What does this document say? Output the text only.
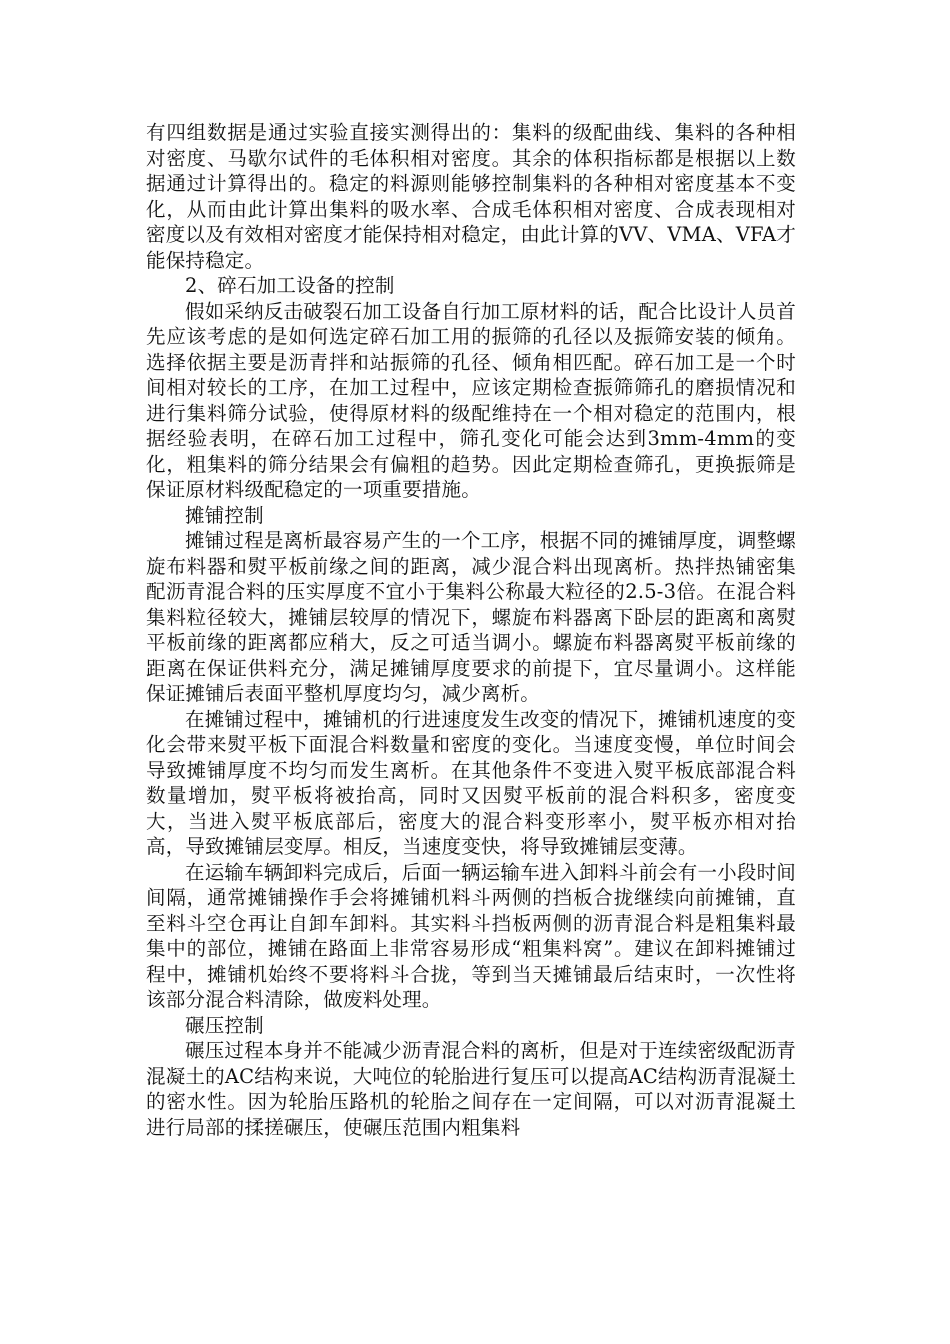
有四组数据是通过实验直接实测得出的：集料的级配曲线、集料的各种相对密度、马歇尔试件的毛体积相对密度。其余的体积指标都是根据以上数据通过计算得出的。稳定的料源则能够控制集料的各种相对密度基本不变化，从而由此计算出集料的吸水率、合成毛体积相对密度、合成表现相对密度以及有效相对密度才能保持相对稳定，由此计算的VV、VMA、VFA才能保持稳定。

2、碎石加工设备的控制

假如采纳反击破裂石加工设备自行加工原材料的话，配合比设计人员首先应该考虑的是如何选定碎石加工用的振筛的孔径以及振筛安装的倾角。选择依据主要是沥青拌和站振筛的孔径、倾角相匹配。碎石加工是一个时间相对较长的工序，在加工过程中，应该定期检查振筛筛孔的磨损情况和进行集料筛分试验，使得原材料的级配维持在一个相对稳定的范围内，根据经验表明，在碎石加工过程中，筛孔变化可能会达到3mm-4mm的变化，粗集料的筛分结果会有偏粗的趋势。因此定期检查筛孔，更换振筛是保证原材料级配稳定的一项重要措施。

摊铺控制

摊铺过程是离析最容易产生的一个工序，根据不同的摊铺厚度，调整螺旋布料器和熨平板前缘之间的距离，减少混合料出现离析。热拌热铺密集配沥青混合料的压实厚度不宜小于集料公称最大粒径的2.5-3倍。在混合料集料粒径较大，摊铺层较厚的情况下，螺旋布料器离下卧层的距离和离熨平板前缘的距离都应稍大，反之可适当调小。螺旋布料器离熨平板前缘的距离在保证供料充分，满足摊铺厚度要求的前提下，宜尽量调小。这样能保证摊铺后表面平整机厚度均匀，减少离析。

在摊铺过程中，摊铺机的行进速度发生改变的情况下，摊铺机速度的变化会带来熨平板下面混合料数量和密度的变化。当速度变慢，单位时间会导致摊铺厚度不均匀而发生离析。在其他条件不变进入熨平板底部混合料数量增加，熨平板将被抬高，同时又因熨平板前的混合料积多，密度变大，当进入熨平板底部后，密度大的混合料变形率小，熨平板亦相对抬高，导致摊铺层变厚。相反，当速度变快，将导致摊铺层变薄。

在运输车辆卸料完成后，后面一辆运输车进入卸料斗前会有一小段时间间隔，通常摊铺操作手会将摊铺机料斗两侧的挡板合拢继续向前摊铺，直至料斗空仓再让自卸车卸料。其实料斗挡板两侧的沥青混合料是粗集料最集中的部位，摊铺在路面上非常容易形成“粗集料窝”。建议在卸料摊铺过程中，摊铺机始终不要将料斗合拢，等到当天摊铺最后结束时，一次性将该部分混合料清除，做废料处理。

碾压控制

碾压过程本身并不能减少沥青混合料的离析，但是对于连续密级配沥青混凝土的AC结构来说，大吨位的轮胎进行复压可以提高AC结构沥青混凝土的密水性。因为轮胎压路机的轮胎之间存在一定间隔，可以对沥青混凝土进行局部的揉搓碾压，使碾压范围内粗集料
